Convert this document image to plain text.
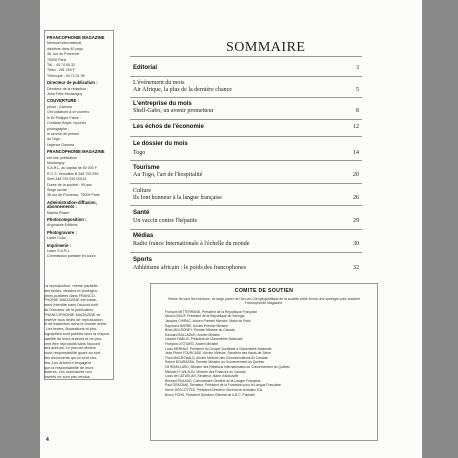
FRANCOPHONIE MAGAZINE

Mensuel international

distribué dans 40 pays

36, rue de Provence

75009 Paris

Tél. : 45 74 65 32

Télex : 281 254 F

Télécopie : 45 74 31 95

Directeur de publication :

Directeur de la rédaction :

Jean-Félix Moulanguy

COUVERTURE :

photo : Gamma

Ont collaboré à ce numéro

le Dr Philippe Fabre :

Christian Boyer, reporter

photographe ;

le service de presse

du Togo ;

l'agence Gamma

FRANCOPHONIE MAGAZINE

est une publication

Moulanguy

S.A.R.L. au capital de 50 000 F

R.C.S. Versailles B 348 793 939

Siret 348 793 939 00013

Durée de la société : 99 ans

Siège social :

36 rue de Provence, 75009 Paris

Administration-diffusion, abonnements :

Marina Rosen

Photocomposition :

Argonaute Editions

Photogravure :

Lader Color

Imprimerie :

Lader S.A.R.L.

Commission paritaire en cours

La reproduction, même partielle,

des textes, dessins et photogra-

phies publiées dans FRANCO-

PHONIE MAGAZINE est totale-

ment interdite sans l'accord écrit

du Directeur de la publication.

FRANCOPHONIE MAGAZINE se

réserve tous droits de reproduction

et de traduction dans le monde entier

. Les textes, illustrations et pho-

tographies sont publiés sous la respon-

sabilité de leurs auteurs et ne peu-

vent être reproduits sans l'accord

des auteurs. Le journal décline

toute responsabilité quant au sort

des documents qui lui sont con-

fiés. Les articles n'engagent

que la responsabilité de leurs

auteurs. Les manuscrits non

insérés ne sont pas rendus.

SOMMAIRE
Editorial	3
L'événement du mois
Air Afrique, la plus de la dernière chance	5
L'entreprise du mois
Shell-Gabo, un avenir prometteur	8
Les échos de l'économie	12
Le dossier du mois
Togo	14
Tourisme
Au Togo, l'art de l'hospitalité	20
Culture
Ils font honneur à la langue française	26
Santé
Un vaccin contre l'hépatite	29
Médias
Radio france Internationale à l'échelle du monde	30
Sports
Athlétisme africain : le poids des francophones	32
COMITE DE SOUTIEN
Venez de tous les horizons, ce large panel de l'Arc-en-Ciel géopolitique de la société civile forme une synergie pour soutenir Francophonie Magazine.
François MITTERRAND, Président de la République Française
Abdou DIOUF, Président de la République du Sénégal
Jacques CHIRAC, Ancien Premier Ministre, Maire de Paris
Raymond BARRE, Ancien Premier Ministre
Brian MULRONEY, Premier Ministre du Canada
Edouard BALLADUR, Ancien Ministre
Laurent FABIUS, Président de l'Assemblée Nationale
François LEOTARD, Ancien Ministre
Louis MERMAZ, Président du Groupe Socialiste à l'Assemblée Nationale
Jean-Pierre FOURCADE, Ancien Ministre, Sénateur des Hauts-de-Seine
Flora MACDONALD, Ancien Ministre des Communications du Canada
Robert BOURASSA, Premier Ministre du Gouvernement du Québec
Gil REMILLARD, Ministre des Relations Internationales du Gouvernement du Québec
Michael H. WILSON, Ministre des Finances du Canada
Louis de CATUELAN, Sénateur, Maire d'Aldouville
Bernard PAILAUD, Commissaire Général de la Langue Française
Paul GRAZIANI, Sénateur, Président de la Fondation pour la Langue Française
Hervé DESCOTTES, Président Directeur Général de Andralux S.A.
Bruno PONS, Président Directeur Général de A.B.C. Publicité
4
